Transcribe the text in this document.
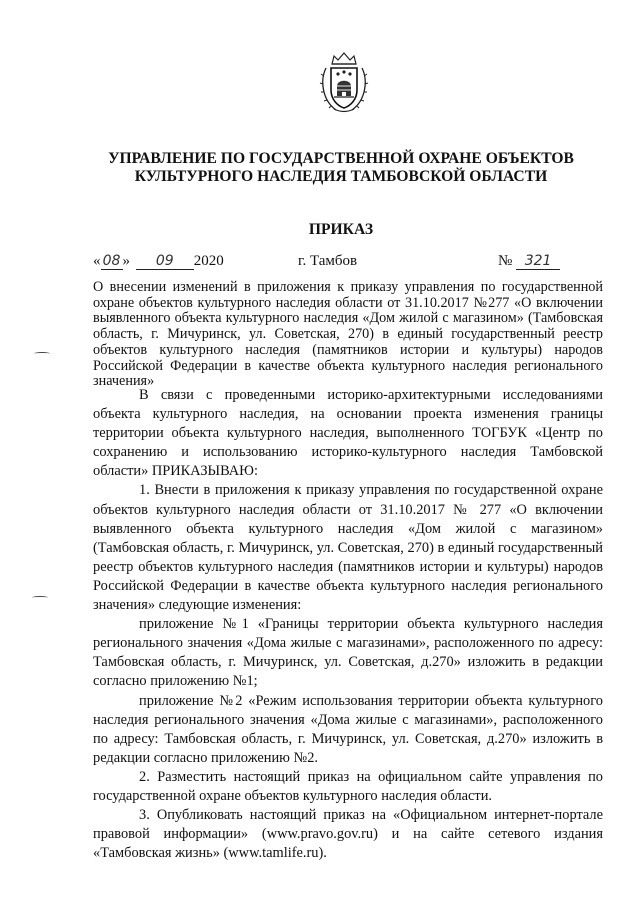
УПРАВЛЕНИЕ ПО ГОСУДАРСТВЕННОЙ ОХРАНЕ ОБЪЕКТОВ КУЛЬТУРНОГО НАСЛЕДИЯ ТАМБОВСКОЙ ОБЛАСТИ
ПРИКАЗ
« 08 » 09 2020	г. Тамбов	№ 321
О внесении изменений в приложения к приказу управления по государственной охране объектов культурного наследия области от 31.10.2017 №277 «О включении выявленного объекта культурного наследия «Дом жилой с магазином» (Тамбовская область, г. Мичуринск, ул. Советская, 270) в единый государственный реестр объектов культурного наследия (памятников истории и культуры) народов Российской Федерации в качестве объекта культурного наследия регионального значения»

В связи с проведенными историко-архитектурными исследованиями объекта культурного наследия, на основании проекта изменения границы территории объекта культурного наследия, выполненного ТОГБУК «Центр по сохранению и использованию историко-культурного наследия Тамбовской области» ПРИКАЗЫВАЮ:

1. Внести в приложения к приказу управления по государственной охране объектов культурного наследия области от 31.10.2017 № 277 «О включении выявленного объекта культурного наследия «Дом жилой с магазином» (Тамбовская область, г. Мичуринск, ул. Советская, 270) в единый государственный реестр объектов культурного наследия (памятников истории и культуры) народов Российской Федерации в качестве объекта культурного наследия регионального значения» следующие изменения:

приложение №1 «Границы территории объекта культурного наследия регионального значения «Дома жилые с магазинами», расположенного по адресу: Тамбовская область, г. Мичуринск, ул. Советская, д.270» изложить в редакции согласно приложению №1;

приложение №2 «Режим использования территории объекта культурного наследия регионального значения «Дома жилые с магазинами», расположенного по адресу: Тамбовская область, г. Мичуринск, ул. Советская, д.270» изложить в редакции согласно приложению №2.

2. Разместить настоящий приказ на официальном сайте управления по государственной охране объектов культурного наследия области.

3. Опубликовать настоящий приказ на «Официальном интернет-портале правовой информации» (www.pravo.gov.ru) и на сайте сетевого издания «Тамбовская жизнь» (www.tamlife.ru).
